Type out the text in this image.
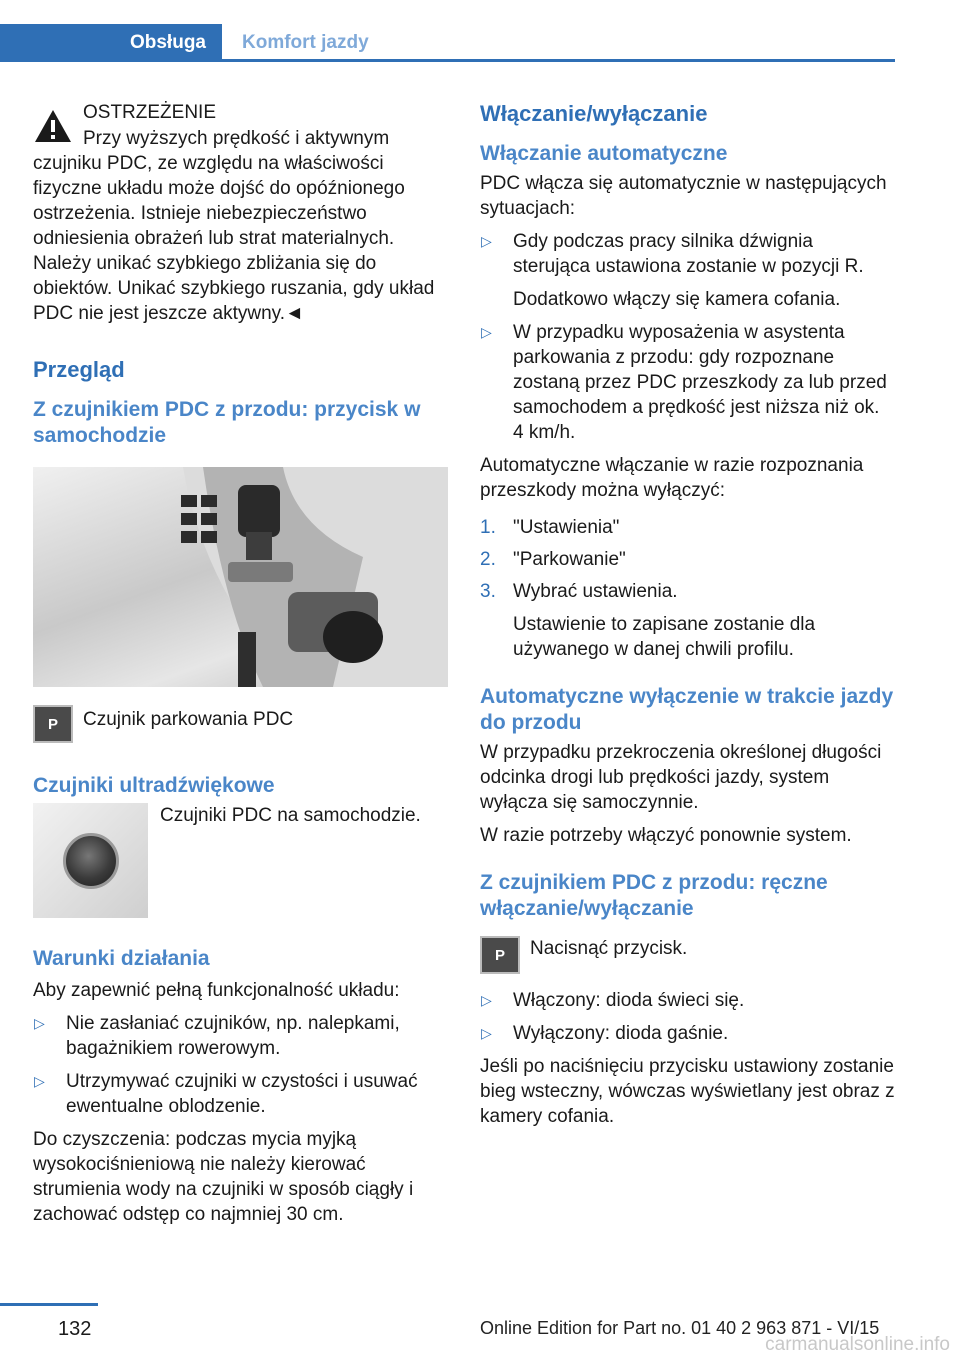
Obsługa	Komfort jazdy

OSTRZEŻENIE

Przy wyższych prędkość i aktywnym czujniku PDC, ze względu na właściwości fizyczne układu może dojść do opóźnionego ostrzeżenia. Istnieje niebezpieczeństwo odniesienia obrażeń lub strat materialnych. Należy unikać szybkiego zbliżania się do obiektów. Unikać szybkiego ruszania, gdy układ PDC nie jest jeszcze aktywny.◄

Przegląd
Z czujnikiem PDC z przodu: przycisk w samochodzie
P	Czujnik parkowania PDC

Czujniki ultradźwiękowe

Czujniki PDC na samochodzie.

Warunki działania

Aby zapewnić pełną funkcjonalność układu:

▷ Nie zasłaniać czujników, np. nalepkami, bagażnikiem rowerowym.
▷ Utrzymywać czujniki w czystości i usuwać ewentualne oblodzenie.

Do czyszczenia: podczas mycia myjką wysokociśnieniową nie należy kierować strumienia wody na czujniki w sposób ciągły i zachować odstęp co najmniej 30 cm.

Włączanie/wyłączanie
Włączanie automatyczne

PDC włącza się automatycznie w następujących sytuacjach:

▷ Gdy podczas pracy silnika dźwignia sterująca ustawiona zostanie w pozycji R.

Dodatkowo włączy się kamera cofania.

▷ W przypadku wyposażenia w asystenta parkowania z przodu: gdy rozpoznane zostaną przez PDC przeszkody za lub przed samochodem a prędkość jest niższa niż ok. 4 km/h.

Automatyczne włączanie w razie rozpoznania przeszkody można wyłączyć:

1. "Ustawienia"
2. "Parkowanie"
3. Wybrać ustawienia.

Ustawienie to zapisane zostanie dla używanego w danej chwili profilu.

Automatyczne wyłączenie w trakcie jazdy do przodu

W przypadku przekroczenia określonej długości odcinka drogi lub prędkości jazdy, system wyłącza się samoczynnie.

W razie potrzeby włączyć ponownie system.

Z czujnikiem PDC z przodu: ręczne włączanie/wyłączanie
P	Nacisnąć przycisk.

▷ Włączony: dioda świeci się.
▷ Wyłączony: dioda gaśnie.

Jeśli po naciśnięciu przycisku ustawiony zostanie bieg wsteczny, wówczas wyświetlany jest obraz z kamery cofania.

132	Online Edition for Part no. 01 40 2 963 871 - VI/15
carmanualsonline.info
